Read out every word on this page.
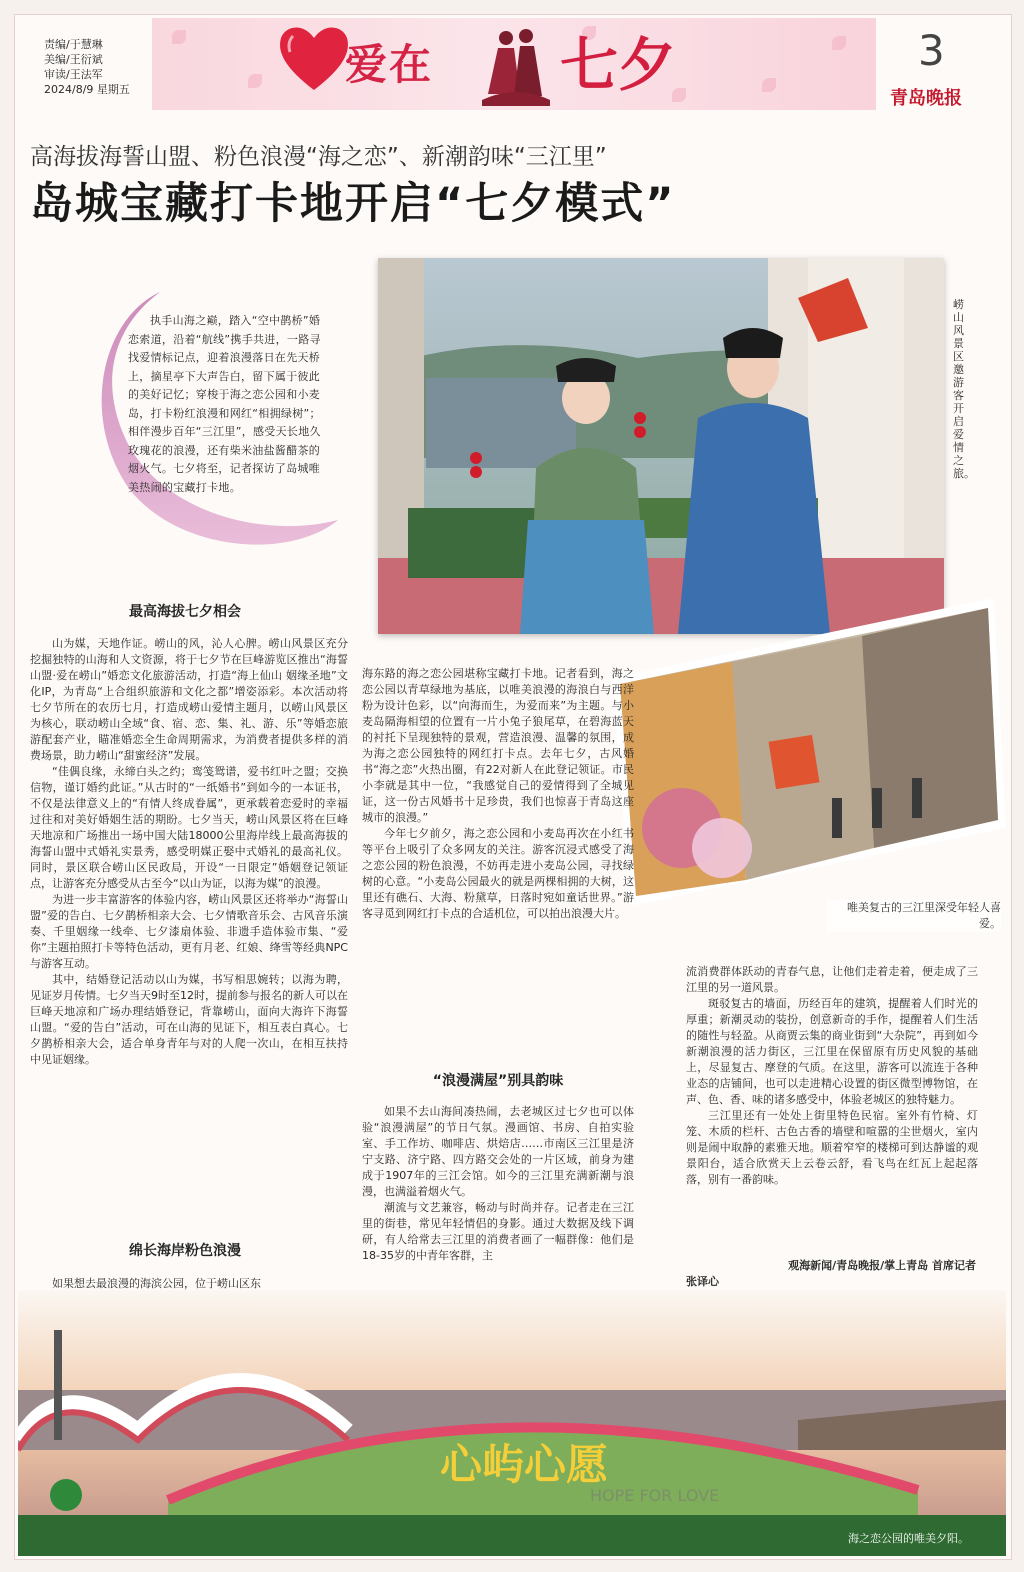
责编/于慧琳
美编/王衍斌
审读/王法军
2024/8/9 星期五
爱在 七夕	3
青岛晚报
高海拔海誓山盟、粉色浪漫“海之恋”、新潮韵味“三江里”
岛城宝藏打卡地开启“七夕模式”
执手山海之巅，踏入“空中鹊桥”婚恋索道，沿着“航线”携手共进，一路寻找爱情标记点，迎着浪漫落日在先天桥上，摘星亭下大声告白，留下属于彼此的美好记忆；穿梭于海之恋公园和小麦岛，打卡粉红浪漫和网红“相拥绿树”；相伴漫步百年“三江里”，感受天长地久玫瑰花的浪漫，还有柴米油盐酱醋茶的烟火气。七夕将至，记者探访了岛城唯美热闹的宝藏打卡地。
崂山风景区邀游客开启爱情之旅。
唯美复古的三江里深受年轻人喜爱。
最高海拔七夕相会

山为媒，天地作证。崂山的风，沁人心脾。崂山风景区充分挖掘独特的山海和人文资源，将于七夕节在巨峰游览区推出“海誓山盟·爱在崂山”婚恋文化旅游活动，打造“海上仙山 姻缘圣地”文化IP，为青岛“上合组织旅游和文化之都”增姿添彩。本次活动将七夕节所在的农历七月，打造成崂山爱情主题月，以崂山风景区为核心，联动崂山全域“食、宿、恋、集、礼、游、乐”等婚恋旅游配套产业，瞄准婚恋全生命周期需求，为消费者提供多样的消费场景，助力崂山“甜蜜经济”发展。

“佳偶良缘，永缔白头之约；鸾笺鸳谱，爱书红叶之盟；交换信物，谨订婚约此证。”从古时的“一纸婚书”到如今的一本证书，不仅是法律意义上的“有情人终成眷属”，更承载着恋爱时的幸福过往和对美好婚姻生活的期盼。七夕当天，崂山风景区将在巨峰天地凉和广场推出一场中国大陆18000公里海岸线上最高海拔的海誓山盟中式婚礼实景秀，感受明媒正娶中式婚礼的最高礼仪。同时，景区联合崂山区民政局，开设“一日限定”婚姻登记领证点，让游客充分感受从古至今“以山为证，以海为媒”的浪漫。

为进一步丰富游客的体验内容，崂山风景区还将举办“海誓山盟”爱的告白、七夕鹊桥相亲大会、七夕情歌音乐会、古风音乐演奏、千里姻缘一线牵、七夕漆扇体验、非遗手造体验市集、“爱你”主题拍照打卡等特色活动，更有月老、红娘、绛雪等经典NPC与游客互动。

其中，结婚登记活动以山为媒，书写相思婉转；以海为聘，见证岁月传情。七夕当天9时至12时，提前参与报名的新人可以在巨峰天地凉和广场办理结婚登记，背靠崂山，面向大海许下海誓山盟。“爱的告白”活动，可在山海的见证下，相互表白真心。七夕鹊桥相亲大会，适合单身青年与对的人爬一次山，在相互扶持中见证姻缘。

绵长海岸粉色浪漫

如果想去最浪漫的海滨公园，位于崂山区东

海东路的海之恋公园堪称宝藏打卡地。记者看到，海之恋公园以青草绿地为基底，以唯美浪漫的海浪白与西洋粉为设计色彩，以“向海而生，为爱而来”为主题。与小麦岛隔海相望的位置有一片小兔子狼尾草，在碧海蓝天的衬托下呈现独特的景观，营造浪漫、温馨的氛围，成为海之恋公园独特的网红打卡点。去年七夕，古风婚书“海之恋”火热出圈，有22对新人在此登记领证。市民小李就是其中一位，“我感觉自己的爱情得到了全城见证，这一份古风婚书十足珍贵，我们也惊喜于青岛这座城市的浪漫。”

今年七夕前夕，海之恋公园和小麦岛再次在小红书等平台上吸引了众多网友的关注。游客沉浸式感受了海之恋公园的粉色浪漫，不妨再走进小麦岛公园，寻找绿树的心意。“小麦岛公园最火的就是两棵相拥的大树，这里还有礁石、大海、粉黛草，日落时宛如童话世界。”游客寻觅到网红打卡点的合适机位，可以拍出浪漫大片。

“浪漫满屋”别具韵味

如果不去山海间凑热闹，去老城区过七夕也可以体验“浪漫满屋”的节日气氛。漫画馆、书房、自拍实验室、手工作坊、咖啡店、烘焙店……市南区三江里是济宁支路、济宁路、四方路交会处的一片区域，前身为建成于1907年的三江会馆。如今的三江里充满新潮与浪漫，也满溢着烟火气。

潮流与文艺兼容，畅动与时尚并存。记者走在三江里的街巷，常见年轻情侣的身影。通过大数据及线下调研，有人给常去三江里的消费者画了一幅群像：他们是18-35岁的中青年客群，主

流消费群体跃动的青春气息，让他们走着走着，便走成了三江里的另一道风景。

斑驳复古的墙面，历经百年的建筑，提醒着人们时光的厚重；新潮灵动的装扮，创意新奇的手作，提醒着人们生活的随性与轻盈。从商贾云集的商业街到“大杂院”，再到如今新潮浪漫的活力街区，三江里在保留原有历史风貌的基础上，尽显复古、摩登的气质。在这里，游客可以流连于各种业态的店铺间，也可以走进精心设置的街区微型博物馆，在声、色、香、味的诸多感受中，体验老城区的独特魅力。

三江里还有一处处上街里特色民宿。室外有竹椅、灯笼、木质的栏杆、古色古香的墙壁和喧嚣的尘世烟火，室内则是闹中取静的素雅天地。顺着窄窄的楼梯可到达静谧的观景阳台，适合欣赏天上云卷云舒，看飞鸟在红瓦上起起落落，别有一番韵味。

观海新闻/青岛晚报/掌上青岛 首席记者
张译心
心屿心愿
HOPE FOR LOVE
海之恋公园的唯美夕阳。
